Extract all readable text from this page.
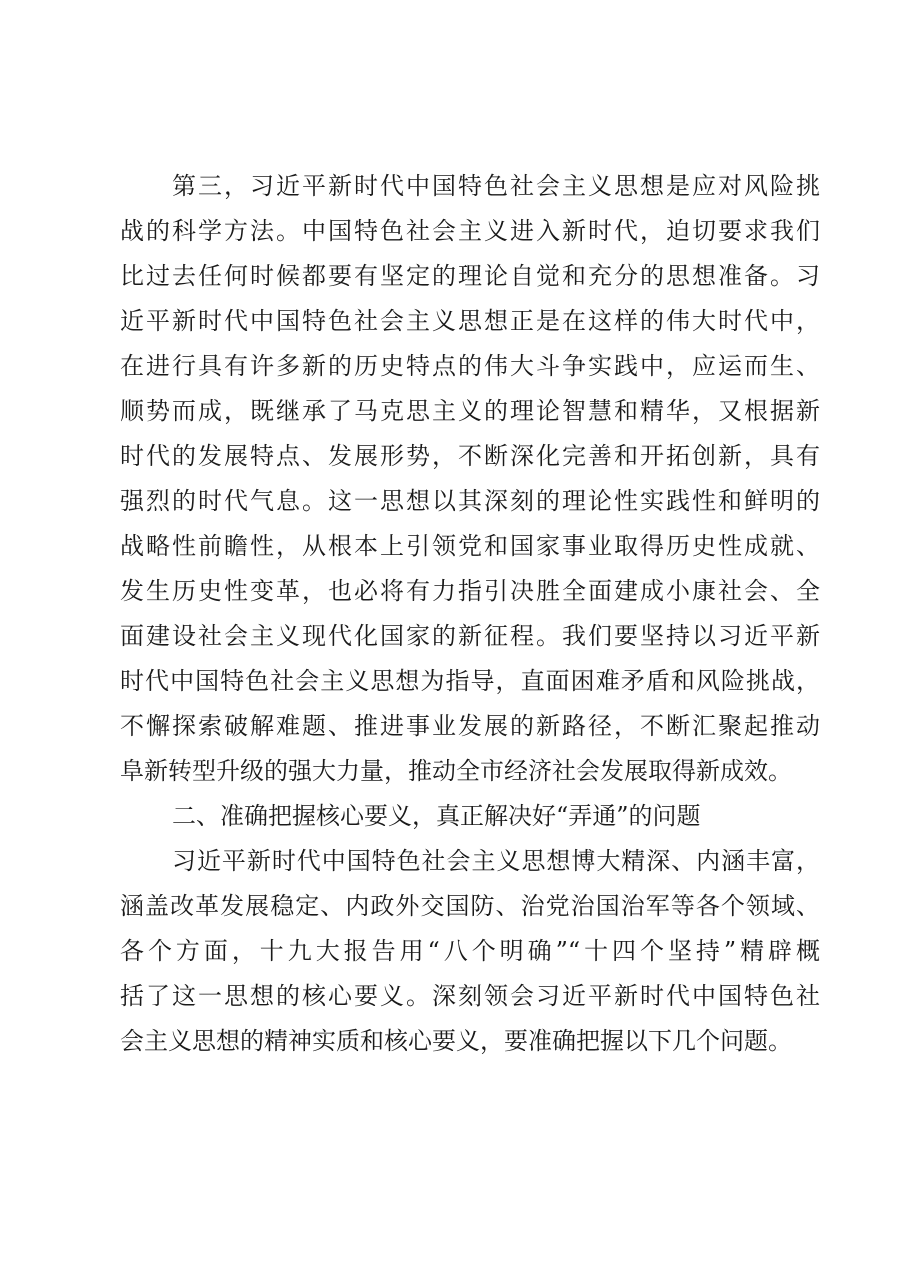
第三，习近平新时代中国特色社会主义思想是应对风险挑
战的科学方法。中国特色社会主义进入新时代，迫切要求我们
比过去任何时候都要有坚定的理论自觉和充分的思想准备。习
近平新时代中国特色社会主义思想正是在这样的伟大时代中，
在进行具有许多新的历史特点的伟大斗争实践中，应运而生、
顺势而成，既继承了马克思主义的理论智慧和精华，又根据新
时代的发展特点、发展形势，不断深化完善和开拓创新，具有
强烈的时代气息。这一思想以其深刻的理论性实践性和鲜明的
战略性前瞻性，从根本上引领党和国家事业取得历史性成就、
发生历史性变革，也必将有力指引决胜全面建成小康社会、全
面建设社会主义现代化国家的新征程。我们要坚持以习近平新
时代中国特色社会主义思想为指导，直面困难矛盾和风险挑战，
不懈探索破解难题、推进事业发展的新路径，不断汇聚起推动
阜新转型升级的强大力量，推动全市经济社会发展取得新成效。
二、准确把握核心要义，真正解决好“弄通”的问题
习近平新时代中国特色社会主义思想博大精深、内涵丰富，
涵盖改革发展稳定、内政外交国防、治党治国治军等各个领域、
各个方面，十九大报告用“八个明确”“十四个坚持”精辟概
括了这一思想的核心要义。深刻领会习近平新时代中国特色社
会主义思想的精神实质和核心要义，要准确把握以下几个问题。
